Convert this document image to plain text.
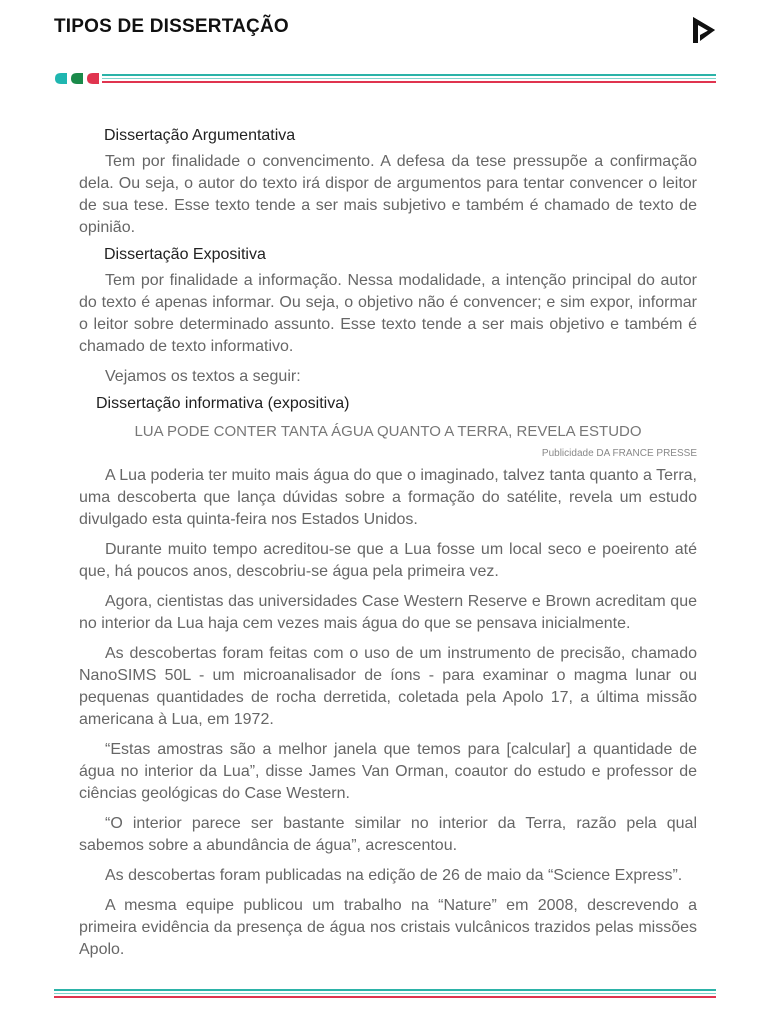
TIPOS DE DISSERTAÇÃO
Dissertação Argumentativa

Tem por finalidade o convencimento. A defesa da tese pressupõe a confirmação dela. Ou seja, o autor do texto irá dispor de argumentos para tentar convencer o leitor de sua tese. Esse texto tende a ser mais subjetivo e também é chamado de texto de opinião.

Dissertação Expositiva

Tem por finalidade a informação. Nessa modalidade, a intenção principal do autor do texto é apenas informar. Ou seja, o objetivo não é convencer; e sim expor, informar o leitor sobre determinado assunto. Esse texto tende a ser mais objetivo e também é chamado de texto informativo.

Vejamos os textos a seguir:

Dissertação informativa (expositiva)

LUA PODE CONTER TANTA ÁGUA QUANTO A TERRA, REVELA ESTUDO

Publicidade DA FRANCE PRESSE

A Lua poderia ter muito mais água do que o imaginado, talvez tanta quanto a Terra, uma descoberta que lança dúvidas sobre a formação do satélite, revela um estudo divulgado esta quinta-feira nos Estados Unidos.

Durante muito tempo acreditou-se que a Lua fosse um local seco e poeirento até que, há poucos anos, descobriu-se água pela primeira vez.

Agora, cientistas das universidades Case Western Reserve e Brown acreditam que no interior da Lua haja cem vezes mais água do que se pensava inicialmente.

As descobertas foram feitas com o uso de um instrumento de precisão, chamado NanoSIMS 50L - um microanalisador de íons - para examinar o magma lunar ou pequenas quantidades de rocha derretida, coletada pela Apolo 17, a última missão americana à Lua, em 1972.

“Estas amostras são a melhor janela que temos para [calcular] a quantidade de água no interior da Lua”, disse James Van Orman, coautor do estudo e professor de ciências geológicas do Case Western.

“O interior parece ser bastante similar no interior da Terra, razão pela qual sabemos sobre a abundância de água”, acrescentou.

As descobertas foram publicadas na edição de 26 de maio da “Science Express”.

A mesma equipe publicou um trabalho na “Nature” em 2008, descrevendo a primeira evidência da presença de água nos cristais vulcânicos trazidos pelas missões Apolo.
